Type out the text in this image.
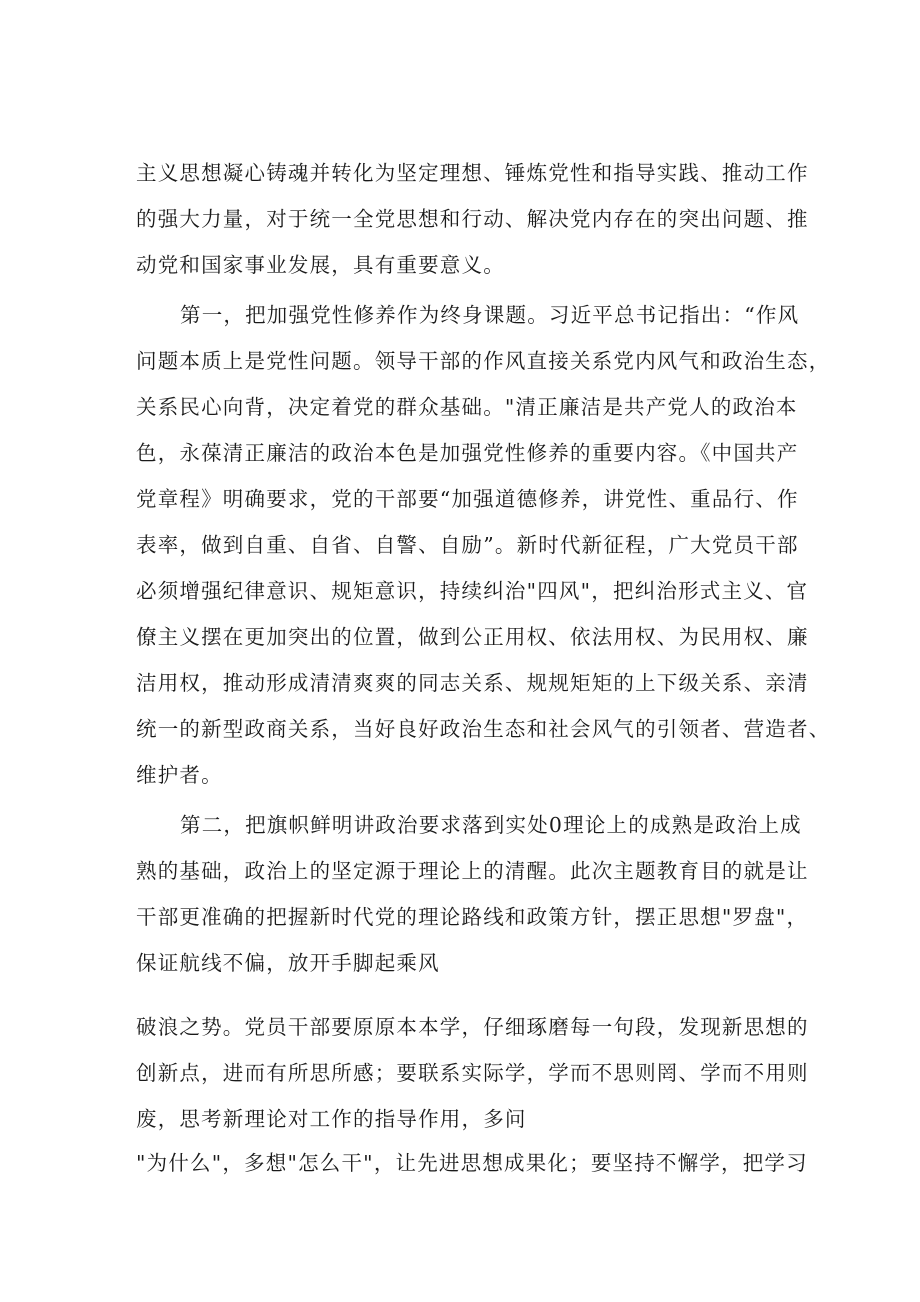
主义思想凝心铸魂并转化为坚定理想、锤炼党性和指导实践、推动工作
的强大力量，对于统一全党思想和行动、解决党内存在的突出问题、推
动党和国家事业发展，具有重要意义。
第一，把加强党性修养作为终身课题。习近平总书记指出：“作风
问题本质上是党性问题。领导干部的作风直接关系党内风气和政治生态，
关系民心向背，决定着党的群众基础。"清正廉洁是共产党人的政治本
色，永葆清正廉洁的政治本色是加强党性修养的重要内容。《中国共产
党章程》明确要求，党的干部要“加强道德修养，讲党性、重品行、作
表率，做到自重、自省、自警、自励”。新时代新征程，广大党员干部
必须增强纪律意识、规矩意识，持续纠治"四风"，把纠治形式主义、官
僚主义摆在更加突出的位置，做到公正用权、依法用权、为民用权、廉
洁用权，推动形成清清爽爽的同志关系、规规矩矩的上下级关系、亲清
统一的新型政商关系，当好良好政治生态和社会风气的引领者、营造者、
维护者。
第二，把旗帜鲜明讲政治要求落到实处0理论上的成熟是政治上成
熟的基础，政治上的坚定源于理论上的清醒。此次主题教育目的就是让
干部更准确的把握新时代党的理论路线和政策方针，摆正思想"罗盘"，
保证航线不偏，放开手脚起乘风
破浪之势。党员干部要原原本本学，仔细琢磨每一句段，发现新思想的
创新点，进而有所思所感；要联系实际学，学而不思则罔、学而不用则
废，思考新理论对工作的指导作用，多问
"为什么"，多想"怎么干"，让先进思想成果化；要坚持不懈学，把学习
